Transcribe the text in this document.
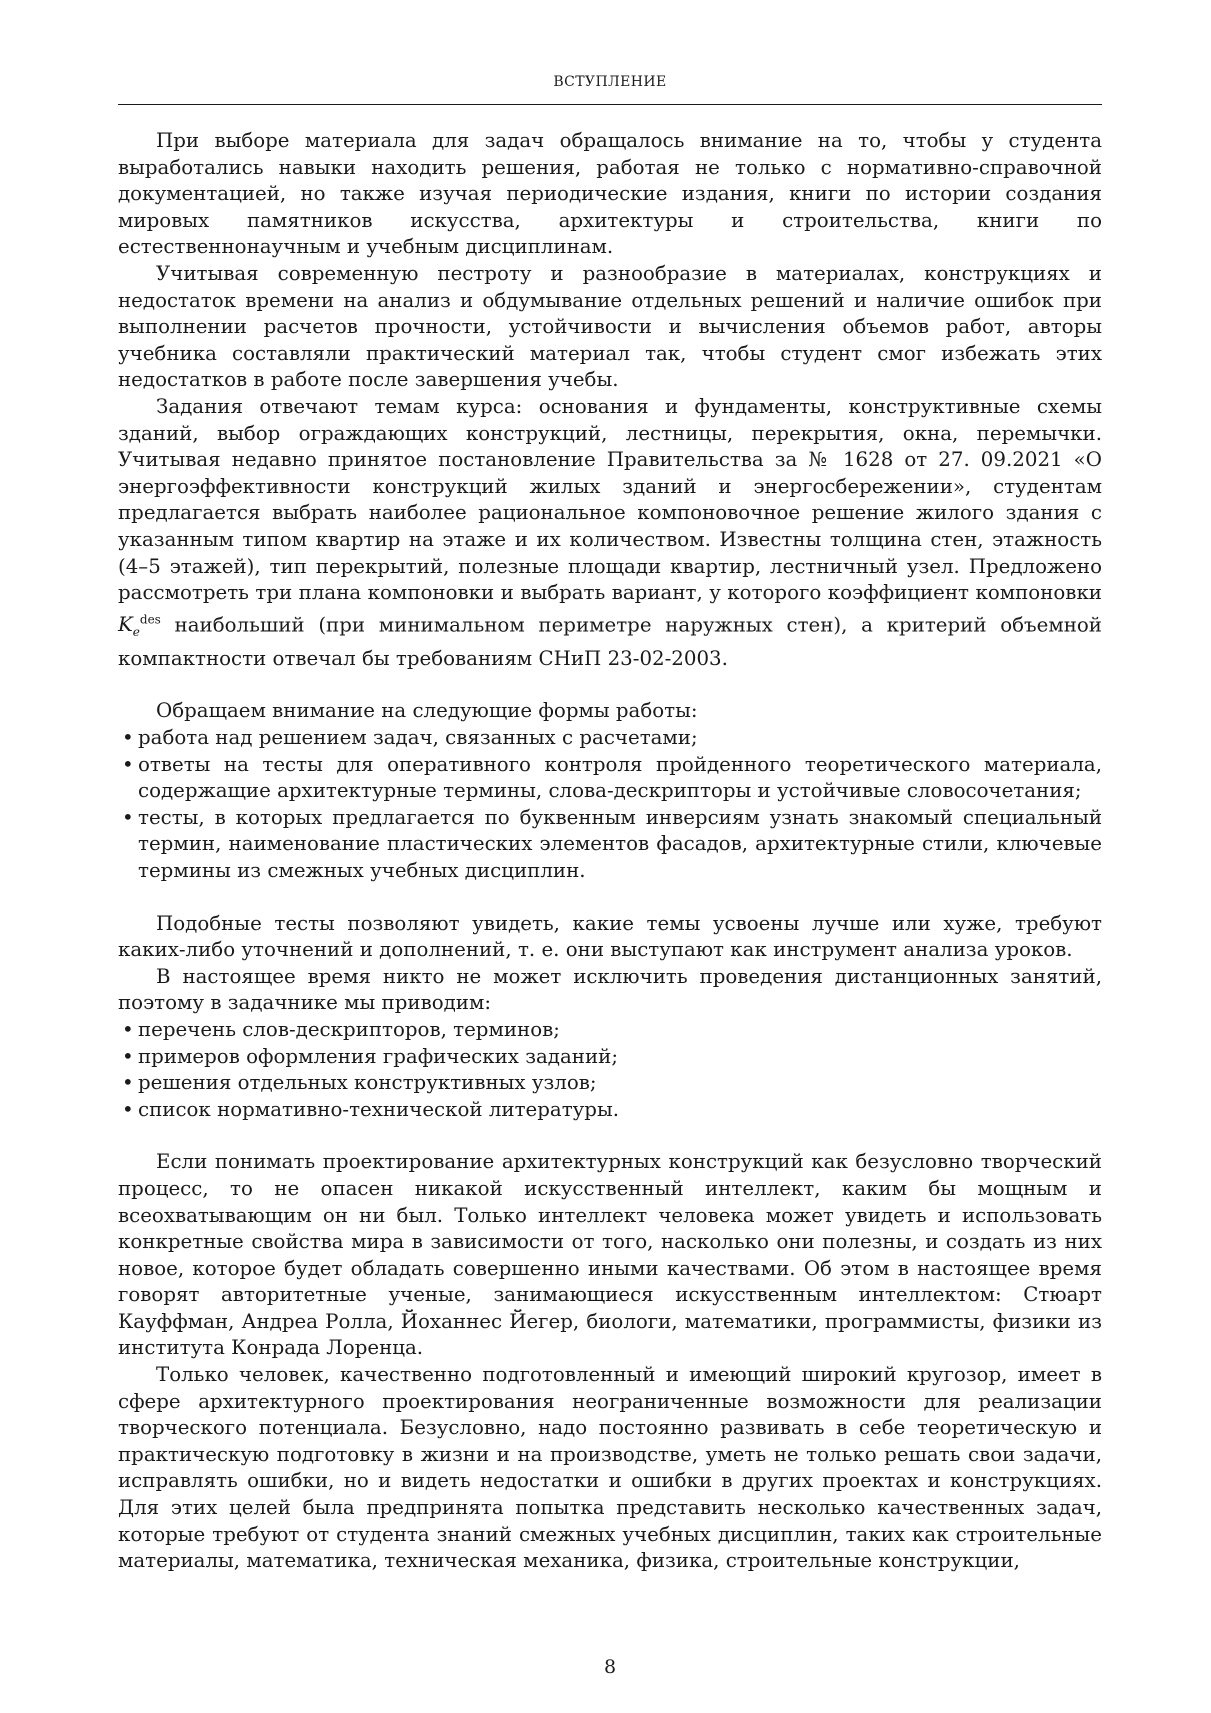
ВСТУПЛЕНИЕ

При выборе материала для задач обращалось внимание на то, чтобы у студента выработались навыки находить решения, работая не только с нормативно-справочной документацией, но также изучая периодические издания, книги по истории создания мировых памятников искусства, архитектуры и строительства, книги по естественнонаучным и учебным дисциплинам.

Учитывая современную пестроту и разнообразие в материалах, конструкциях и недостаток времени на анализ и обдумывание отдельных решений и наличие ошибок при выполнении расчетов прочности, устойчивости и вычисления объемов работ, авторы учебника составляли практический материал так, чтобы студент смог избежать этих недостатков в работе после завершения учебы.

Задания отвечают темам курса: основания и фундаменты, конструктивные схемы зданий, выбор ограждающих конструкций, лестницы, перекрытия, окна, перемычки. Учитывая недавно принятое постановление Правительства за № 1628 от 27. 09.2021 «О энергоэффективности конструкций жилых зданий и энергосбережении», студентам предлагается выбрать наиболее рациональное компоновочное решение жилого здания с указанным типом квартир на этаже и их количеством. Известны толщина стен, этажность (4–5 этажей), тип перекрытий, полезные площади квартир, лестничный узел. Предложено рассмотреть три плана компоновки и выбрать вариант, у которого коэффициент компоновки $K_e^{des}$ наибольший (при минимальном периметре наружных стен), а критерий объемной компактности отвечал бы требованиям СНиП 23-02-2003.

Обращаем внимание на следующие формы работы:

• работа над решением задач, связанных с расчетами;
• ответы на тесты для оперативного контроля пройденного теоретического материала, содержащие архитектурные термины, слова-дескрипторы и устойчивые словосочетания;
• тесты, в которых предлагается по буквенным инверсиям узнать знакомый специальный термин, наименование пластических элементов фасадов, архитектурные стили, ключевые термины из смежных учебных дисциплин.

Подобные тесты позволяют увидеть, какие темы усвоены лучше или хуже, требуют каких-либо уточнений и дополнений, т. е. они выступают как инструмент анализа уроков.

В настоящее время никто не может исключить проведения дистанционных занятий, поэтому в задачнике мы приводим:

• перечень слов-дескрипторов, терминов;
• примеров оформления графических заданий;
• решения отдельных конструктивных узлов;
• список нормативно-технической литературы.

Если понимать проектирование архитектурных конструкций как безусловно творческий процесс, то не опасен никакой искусственный интеллект, каким бы мощным и всеохватывающим он ни был. Только интеллект человека может увидеть и использовать конкретные свойства мира в зависимости от того, насколько они полезны, и создать из них новое, которое будет обладать совершенно иными качествами. Об этом в настоящее время говорят авторитетные ученые, занимающиеся искусственным интеллектом: Стюарт Кауффман, Андреа Ролла, Йоханнес Йегер, биологи, математики, программисты, физики из института Конрада Лоренца.

Только человек, качественно подготовленный и имеющий широкий кругозор, имеет в сфере архитектурного проектирования неограниченные возможности для реализации творческого потенциала. Безусловно, надо постоянно развивать в себе теоретическую и практическую подготовку в жизни и на производстве, уметь не только решать свои задачи, исправлять ошибки, но и видеть недостатки и ошибки в других проектах и конструкциях. Для этих целей была предпринята попытка представить несколько качественных задач, которые требуют от студента знаний смежных учебных дисциплин, таких как строительные материалы, математика, техническая механика, физика, строительные конструкции,

8
